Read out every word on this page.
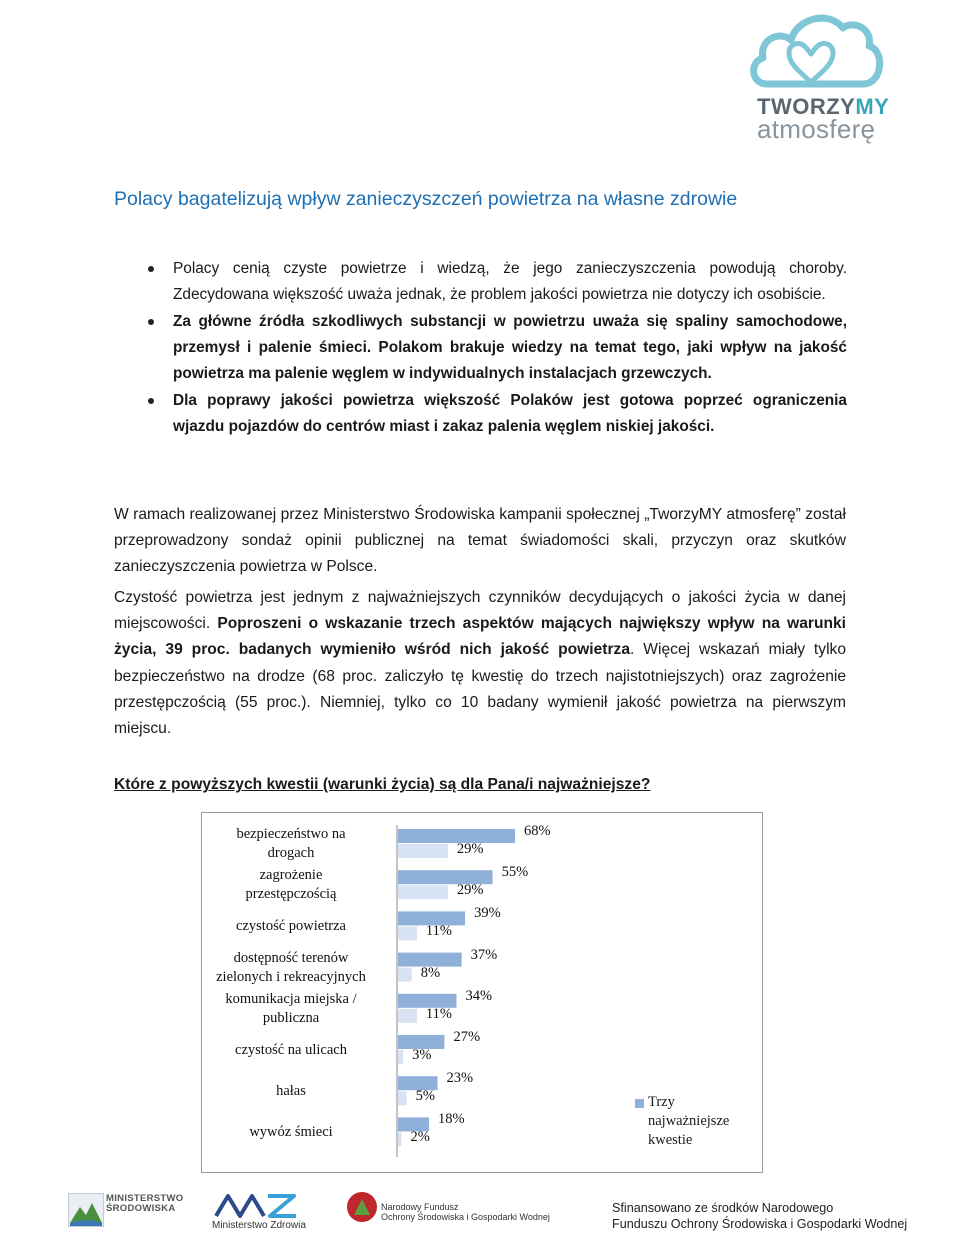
TWORZYMY
atmosferę
Polacy bagatelizują wpływ zanieczyszczeń powietrza na własne zdrowie
Polacy cenią czyste powietrze i wiedzą, że jego zanieczyszczenia powodują choroby. Zdecydowana większość uważa jednak, że problem jakości powietrza nie dotyczy ich osobiście.
Za główne źródła szkodliwych substancji w powietrzu uważa się spaliny samochodowe, przemysł i palenie śmieci. Polakom brakuje wiedzy na temat tego, jaki wpływ na jakość powietrza ma palenie węglem w indywidualnych instalacjach grzewczych.
Dla poprawy jakości powietrza większość Polaków jest gotowa poprzeć ograniczenia wjazdu pojazdów do centrów miast i zakaz palenia węglem niskiej jakości.

W ramach realizowanej przez Ministerstwo Środowiska kampanii społecznej „TworzyMY atmosferę” został przeprowadzony sondaż opinii publicznej na temat świadomości skali, przyczyn oraz skutków zanieczyszczenia powietrza w Polsce.

Czystość powietrza jest jednym z najważniejszych czynników decydujących o jakości życia w danej miejscowości. Poproszeni o wskazanie trzech aspektów mających największy wpływ na warunki życia, 39 proc. badanych wymieniło wśród nich jakość powietrza. Więcej wskazań miały tylko bezpieczeństwo na drodze (68 proc. zaliczyło tę kwestię do trzech najistotniejszych) oraz zagrożenie przestępczością (55 proc.). Niemniej, tylko co 10 badany wymienił jakość powietrza na pierwszym miejscu.

Które z powyższych kwestii (warunki życia) są dla Pana/i najważniejsze?
68%
29%
bezpieczeństwo na
drogach
55%
29%
zagrożenie
przestępczością
39%
11%
czystość powietrza
37%
8%
dostępność terenów
zielonych i rekreacyjnych
34%
11%
komunikacja miejska /
publiczna
27%
3%
czystość na ulicach
23%
5%
hałas
18%
2%
wywóz śmieci
Trzy
najważniejsze
kwestie
MINISTERSTWO
ŚRODOWISKA
Ministerstwo Zdrowia
Narodowy Fundusz
Ochrony Środowiska i Gospodarki Wodnej
Sfinansowano ze środków Narodowego
Funduszu Ochrony Środowiska i Gospodarki Wodnej
